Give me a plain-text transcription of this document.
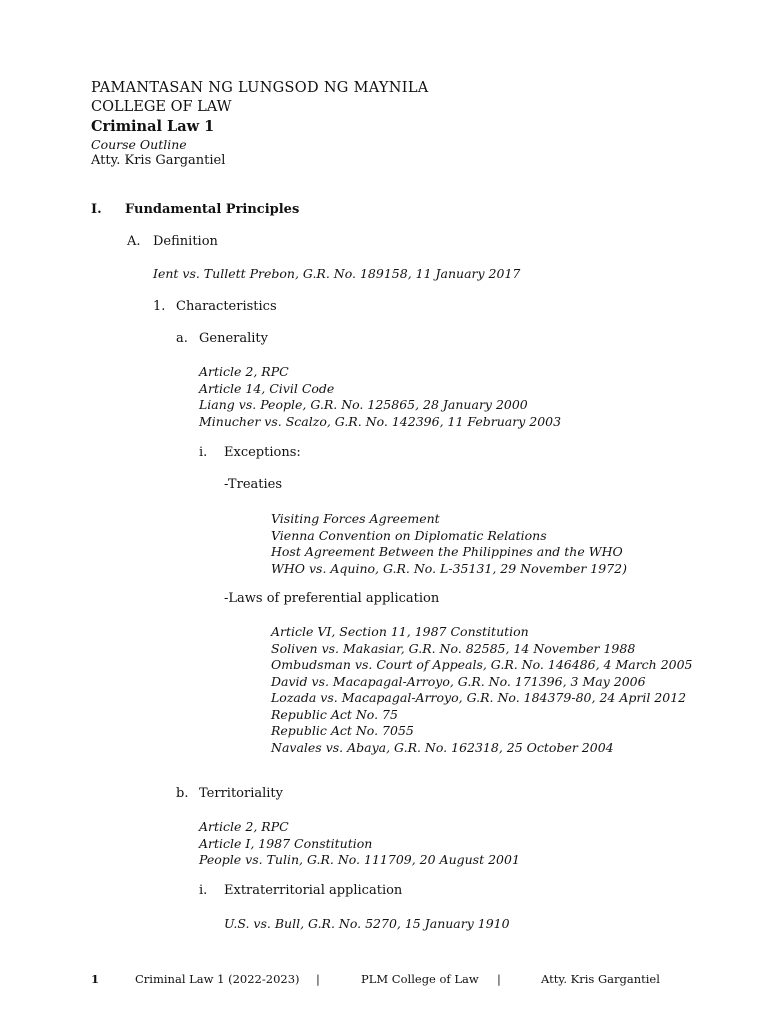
PAMANTASAN NG LUNGSOD NG MAYNILA
COLLEGE OF LAW
Criminal Law 1
Course Outline
Atty. Kris Gargantiel
I. Fundamental Principles
A. Definition
Ient vs. Tullett Prebon, G.R. No. 189158, 11 January 2017
1. Characteristics
a. Generality
Article 2, RPC
Article 14, Civil Code
Liang vs. People, G.R. No. 125865, 28 January 2000
Minucher vs. Scalzo, G.R. No. 142396, 11 February 2003
i. Exceptions:
-Treaties
Visiting Forces Agreement
Vienna Convention on Diplomatic Relations
Host Agreement Between the Philippines and the WHO
WHO vs. Aquino, G.R. No. L-35131, 29 November 1972)
-Laws of preferential application
Article VI, Section 11, 1987 Constitution
Soliven vs. Makasiar, G.R. No. 82585, 14 November 1988
Ombudsman vs. Court of Appeals, G.R. No. 146486, 4 March 2005
David vs. Macapagal-Arroyo, G.R. No. 171396, 3 May 2006
Lozada vs. Macapagal-Arroyo, G.R. No. 184379-80, 24 April 2012
Republic Act No. 75
Republic Act No. 7055
Navales vs. Abaya, G.R. No. 162318, 25 October 2004
b. Territoriality
Article 2, RPC
Article I, 1987 Constitution
People vs. Tulin, G.R. No. 111709, 20 August 2001
i. Extraterritorial application
U.S. vs. Bull, G.R. No. 5270, 15 January 1910
1	Criminal Law 1 (2022-2023) |	PLM College of Law |	Atty. Kris Gargantiel
